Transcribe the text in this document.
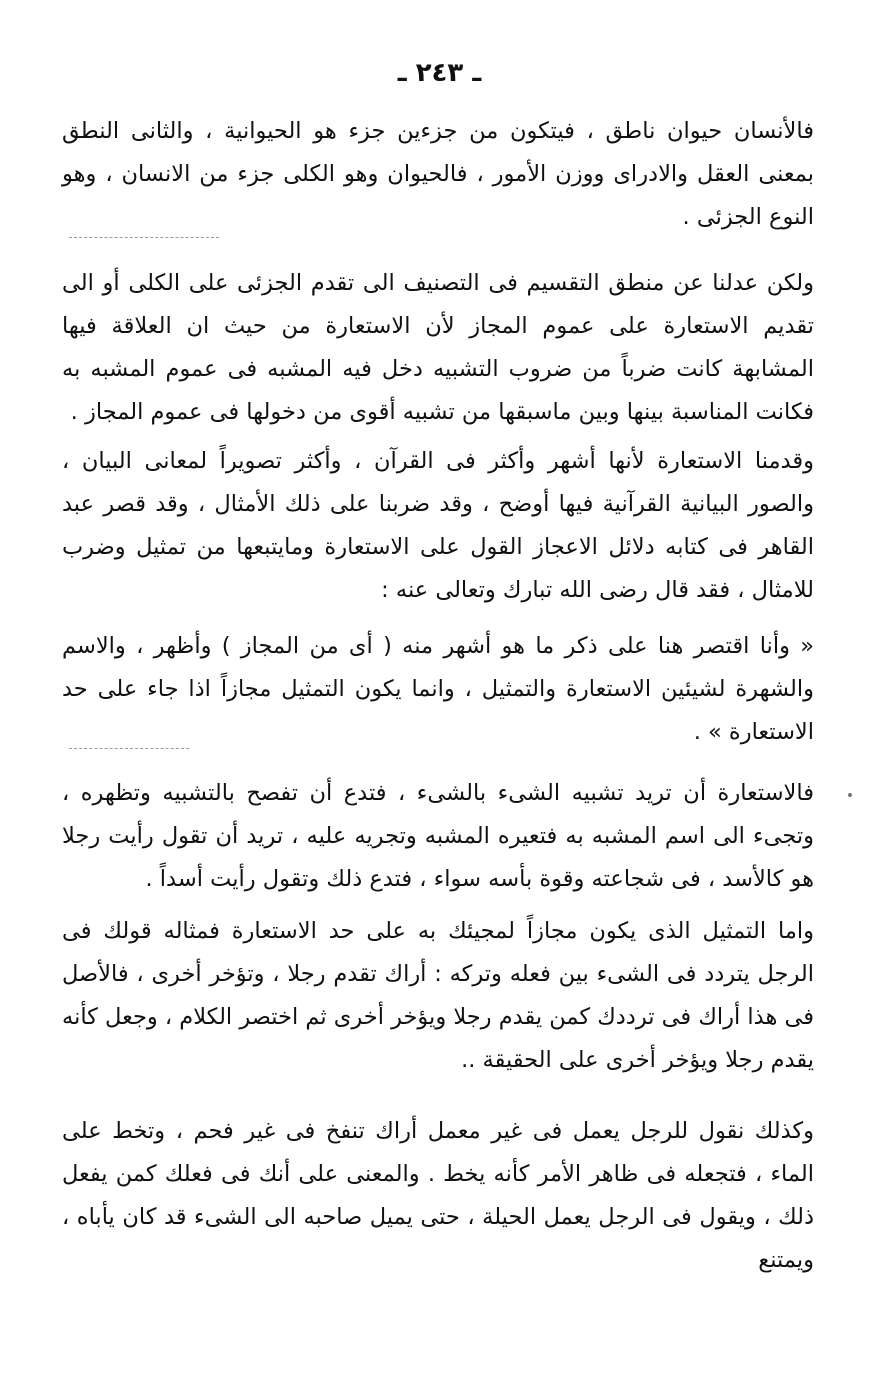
ـ ٢٤٣ ـ

فالأنسان حيوان ناطق ، فيتكون من جزءين جزء هو الحيوانية ، والثانى النطق بمعنى العقل والادراى ووزن الأمور ، فالحيوان وهو الكلى جزء من الانسان ، وهو النوع الجزئى .

ولكن عدلنا عن منطق التقسيم فى التصنيف الى تقدم الجزئى على الكلى أو الى تقديم الاستعارة على عموم المجاز لأن الاستعارة من حيث ان العلاقة فيها المشابهة كانت ضرباً من ضروب التشبيه دخل فيه المشبه فى عموم المشبه به فكانت المناسبة بينها وبين ماسبقها من تشبيه أقوى من دخولها فى عموم المجاز .

وقدمنا الاستعارة لأنها أشهر وأكثر فى القرآن ، وأكثر تصويراً لمعانى البيان ، والصور البيانية القرآنية فيها أوضح ، وقد ضربنا على ذلك الأمثال ، وقد قصر عبد القاهر فى كتابه دلائل الاعجاز القول على الاستعارة ومايتبعها من تمثيل وضرب للامثال ، فقد قال رضى الله تبارك وتعالى عنه :

« وأنا اقتصر هنا على ذكر ما هو أشهر منه ( أى من المجاز ) وأظهر ، والاسم والشهرة لشيئين الاستعارة والتمثيل ، وانما يكون التمثيل مجازاً اذا جاء على حد الاستعارة » .

فالاستعارة أن تريد تشبيه الشىء بالشىء ، فتدع أن تفصح بالتشبيه وتظهره ، وتجىء الى اسم المشبه به فتعيره المشبه وتجريه عليه ، تريد أن تقول رأيت رجلا هو كالأسد ، فى شجاعته وقوة بأسه سواء ، فتدع ذلك وتقول رأيت أسداً .

واما التمثيل الذى يكون مجازاً لمجيئك به على حد الاستعارة فمثاله قولك فى الرجل يتردد فى الشىء بين فعله وتركه : أراك تقدم رجلا ، وتؤخر أخرى ، فالأصل فى هذا أراك فى ترددك كمن يقدم رجلا ويؤخر أخرى ثم اختصر الكلام ، وجعل كأنه يقدم رجلا ويؤخر أخرى على الحقيقة ..

وكذلك نقول للرجل يعمل فى غير معمل أراك تنفخ فى غير فحم ، وتخط على الماء ، فتجعله فى ظاهر الأمر كأنه يخط . والمعنى على أنك فى فعلك كمن يفعل ذلك ، ويقول فى الرجل يعمل الحيلة ، حتى يميل صاحبه الى الشىء قد كان يأباه ، ويمتنع
